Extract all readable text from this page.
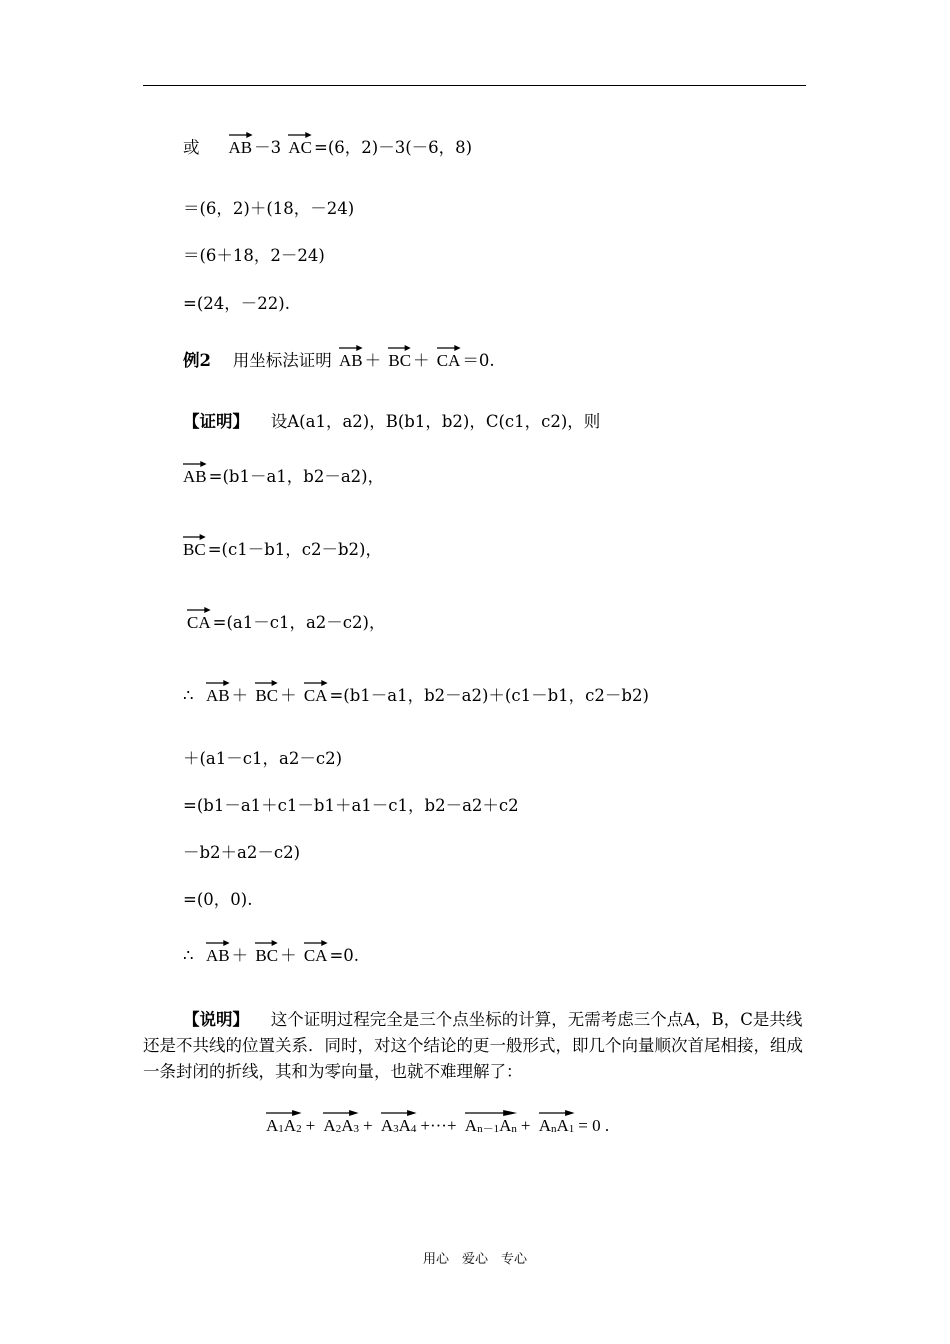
或  AB －3 AC =(6，2)－3(－6，8)
＝(6，2)＋(18，－24)
＝(6＋18，2－24)
=(24，－22).
例2  用坐标法证明 AB ＋ BC ＋ CA ＝0.
【证明】  设A(a1，a2)，B(b1，b2)，C(c1，c2)，则
AB =(b1－a1，b2－a2)，
BC =(c1－b1，c2－b2)，
CA =(a1－c1，a2－c2)，
∴ AB ＋ BC ＋ CA =(b1－a1，b2－a2)＋(c1－b1，c2－b2)
＋(a1－c1，a2－c2)
=(b1－a1＋c1－b1＋a1－c1，b2－a2＋c2
－b2＋a2－c2)
=(0，0).
∴ AB ＋ BC ＋ CA =0.
【说明】  这个证明过程完全是三个点坐标的计算，无需考虑三个点A，B，C是共线还是不共线的位置关系．同时，对这个结论的更一般形式，即几个向量顺次首尾相接，组成一条封闭的折线，其和为零向量，也就不难理解了：
A1A2 + A2A3 + A3A4 +···+ An－1An + AnA1 = 0 .
用心　爱心　专心
